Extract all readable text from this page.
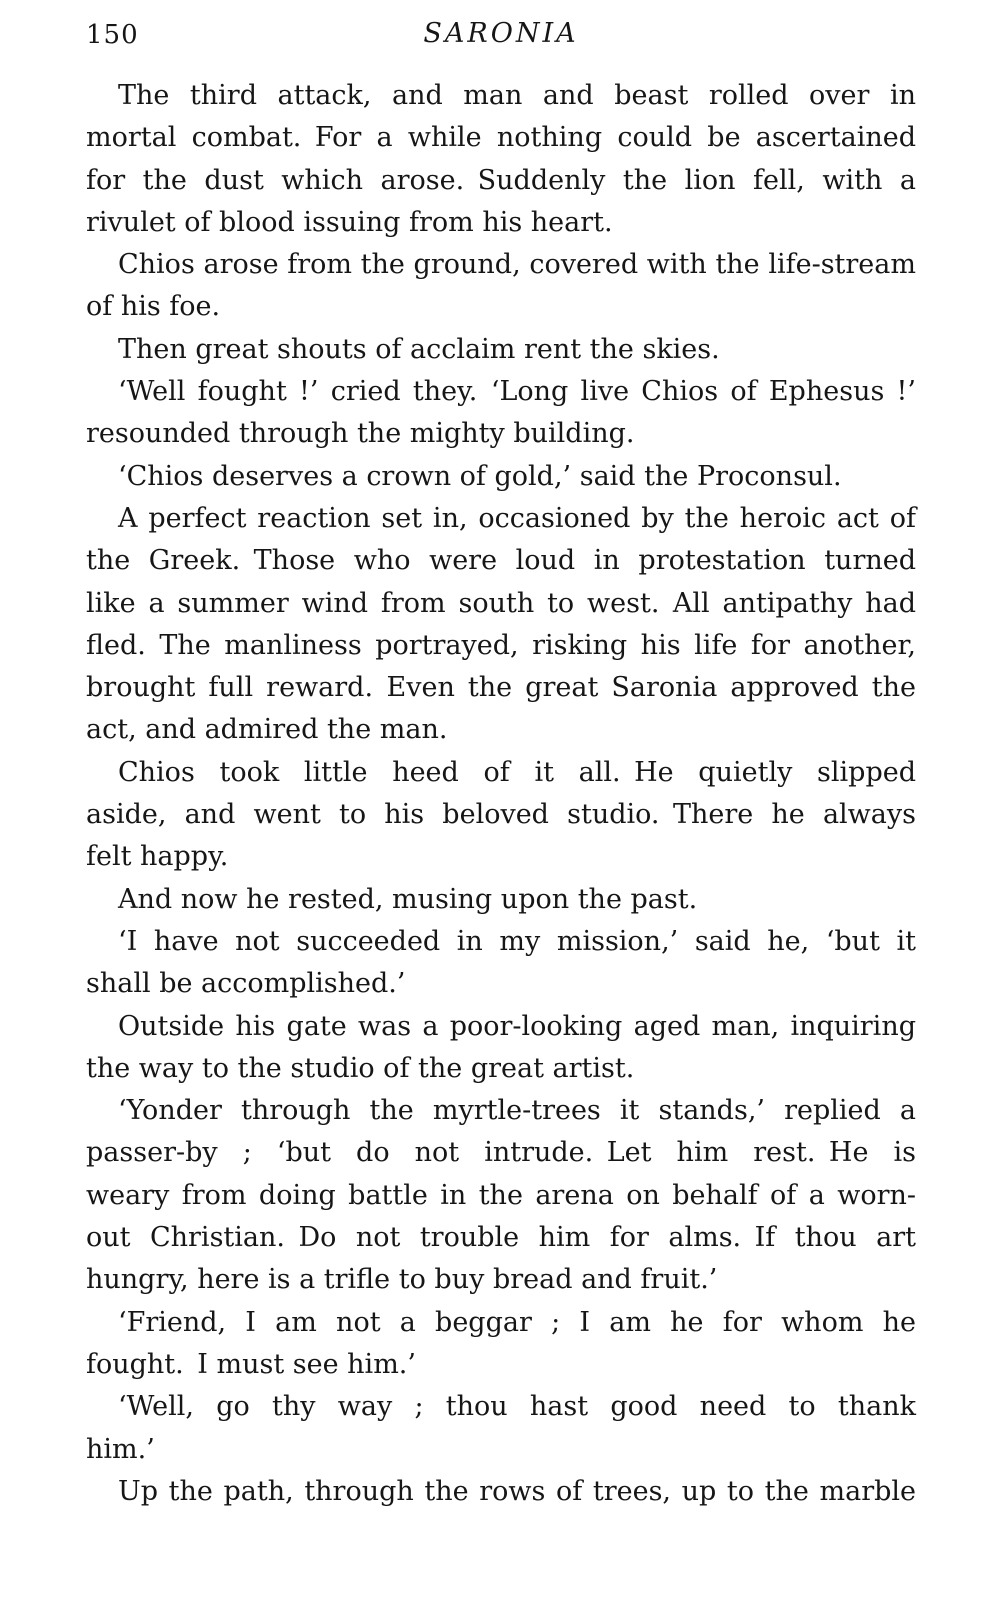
150	SARONIA
The third attack, and man and beast rolled over in
mortal combat. For a while nothing could be ascertained
for the dust which arose. Suddenly the lion fell, with a
rivulet of blood issuing from his heart.
Chios arose from the ground, covered with the life-stream
of his foe.
Then great shouts of acclaim rent the skies.
‘Well fought !’ cried they. ‘Long live Chios of Ephesus !’
resounded through the mighty building.
‘Chios deserves a crown of gold,’ said the Proconsul.
A perfect reaction set in, occasioned by the heroic act of
the Greek. Those who were loud in protestation turned
like a summer wind from south to west. All antipathy had
fled. The manliness portrayed, risking his life for another,
brought full reward. Even the great Saronia approved the
act, and admired the man.
Chios took little heed of it all. He quietly slipped
aside, and went to his beloved studio. There he always
felt happy.
And now he rested, musing upon the past.
‘I have not succeeded in my mission,’ said he, ‘but it
shall be accomplished.’
Outside his gate was a poor-looking aged man, inquiring
the way to the studio of the great artist.
‘Yonder through the myrtle-trees it stands,’ replied a
passer-by ; ‘but do not intrude. Let him rest. He is
weary from doing battle in the arena on behalf of a worn-
out Christian. Do not trouble him for alms. If thou art
hungry, here is a trifle to buy bread and fruit.’
‘Friend, I am not a beggar ; I am he for whom he
fought. I must see him.’
‘Well, go thy way ; thou hast good need to thank
him.’
Up the path, through the rows of trees, up to the marble
